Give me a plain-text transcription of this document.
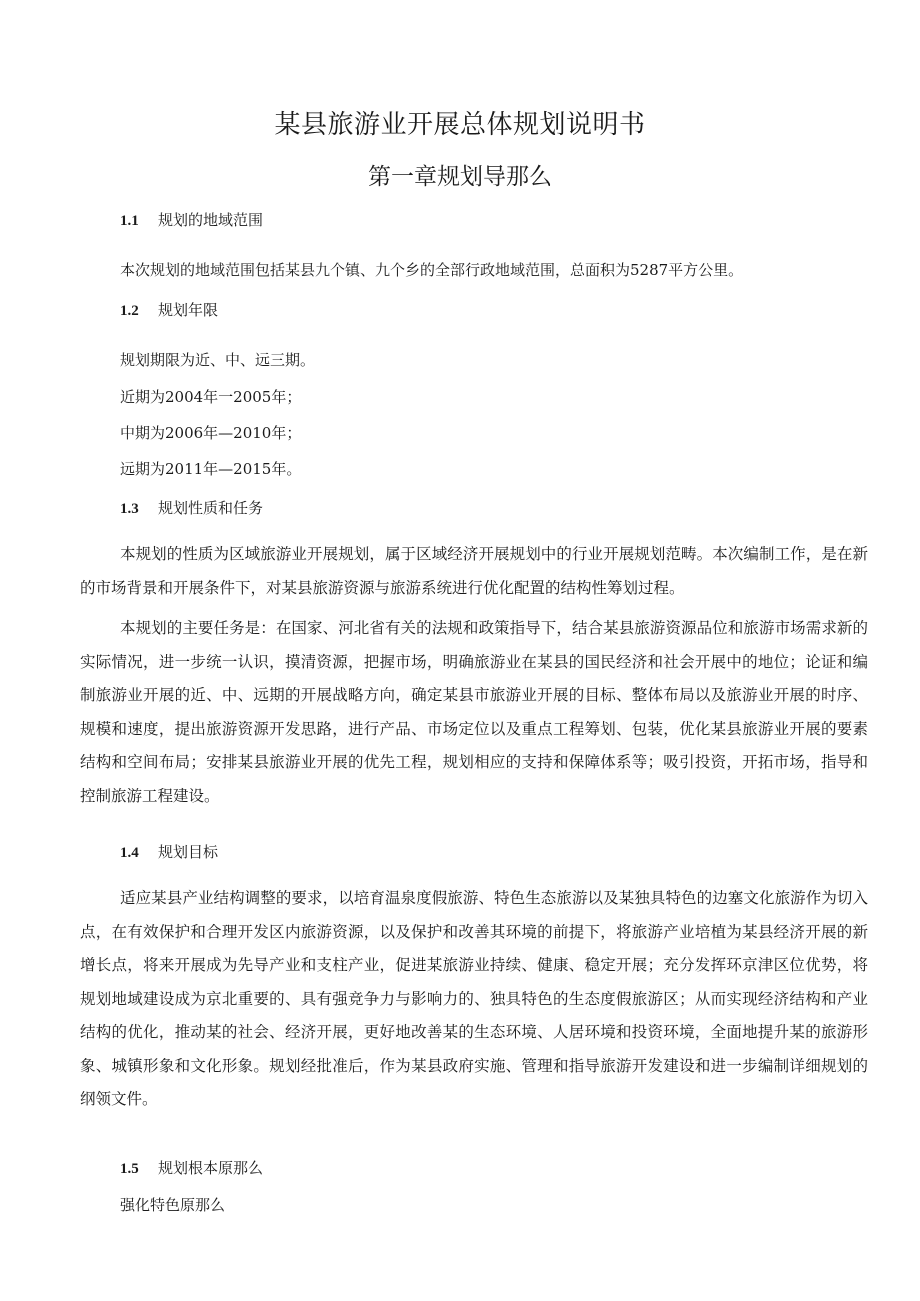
某县旅游业开展总体规划说明书
第一章规划导那么
1.1 规划的地域范围

本次规划的地域范围包括某县九个镇、九个乡的全部行政地域范围，总面积为5287平方公里。

1.2 规划年限

规划期限为近、中、远三期。

近期为2004年一2005年；

中期为2006年—2010年；

远期为2011年—2015年。

1.3 规划性质和任务

本规划的性质为区域旅游业开展规划，属于区域经济开展规划中的行业开展规划范畴。本次编制工作，是在新的市场背景和开展条件下，对某县旅游资源与旅游系统进行优化配置的结构性筹划过程。

本规划的主要任务是：在国家、河北省有关的法规和政策指导下，结合某县旅游资源品位和旅游市场需求新的实际情况，进一步统一认识，摸清资源，把握市场，明确旅游业在某县的国民经济和社会开展中的地位；论证和编制旅游业开展的近、中、远期的开展战略方向，确定某县市旅游业开展的目标、整体布局以及旅游业开展的时序、规模和速度，提出旅游资源开发思路，进行产品、市场定位以及重点工程筹划、包装，优化某县旅游业开展的要素结构和空间布局；安排某县旅游业开展的优先工程，规划相应的支持和保障体系等；吸引投资，开拓市场，指导和控制旅游工程建设。

1.4 规划目标

适应某县产业结构调整的要求，以培育温泉度假旅游、特色生态旅游以及某独具特色的边塞文化旅游作为切入点，在有效保护和合理开发区内旅游资源，以及保护和改善其环境的前提下，将旅游产业培植为某县经济开展的新增长点，将来开展成为先导产业和支柱产业，促进某旅游业持续、健康、稳定开展；充分发挥环京津区位优势，将规划地域建设成为京北重要的、具有强竞争力与影响力的、独具特色的生态度假旅游区；从而实现经济结构和产业结构的优化，推动某的社会、经济开展，更好地改善某的生态环境、人居环境和投资环境，全面地提升某的旅游形象、城镇形象和文化形象。规划经批准后，作为某县政府实施、管理和指导旅游开发建设和进一步编制详细规划的纲领文件。

1.5 规划根本原那么

强化特色原那么
